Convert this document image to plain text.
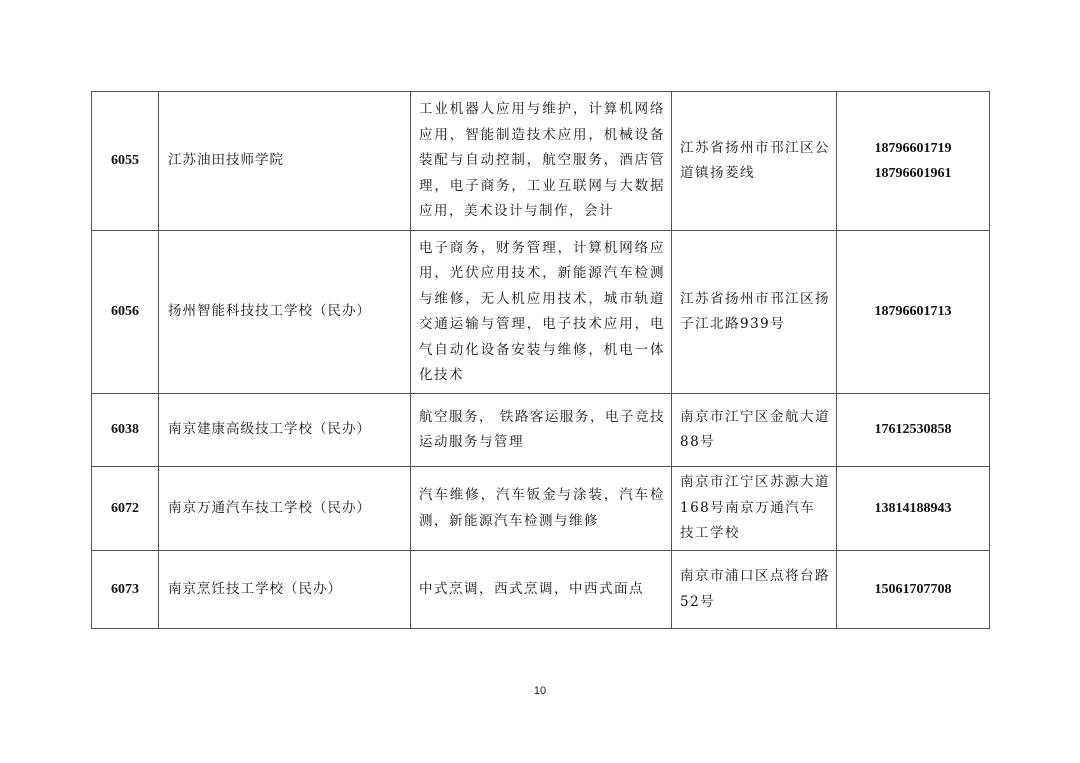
6055	江苏油田技师学院	工业机器人应用与维护，计算机网络应用，智能制造技术应用，机械设备装配与自动控制，航空服务，酒店管理，电子商务，工业互联网与大数据应用，美术设计与制作，会计	江苏省扬州市邗江区公道镇扬菱线	18796601719
18796601961

6056	扬州智能科技技工学校（民办）	电子商务，财务管理，计算机网络应用，光伏应用技术，新能源汽车检测与维修，无人机应用技术，城市轨道交通运输与管理，电子技术应用，电气自动化设备安装与维修，机电一体化技术	江苏省扬州市邗江区扬子江北路939号	18796601713

6038	南京建康高级技工学校（民办）	航空服务， 铁路客运服务，电子竞技运动服务与管理	南京市江宁区金航大道88号	17612530858

6072	南京万通汽车技工学校（民办）	汽车维修，汽车钣金与涂装，汽车检测，新能源汽车检测与维修	南京市江宁区苏源大道168号南京万通汽车技工学校	13814188943

6073	南京烹饪技工学校（民办）	中式烹调，西式烹调，中西式面点	南京市浦口区点将台路52号	15061707708
10
